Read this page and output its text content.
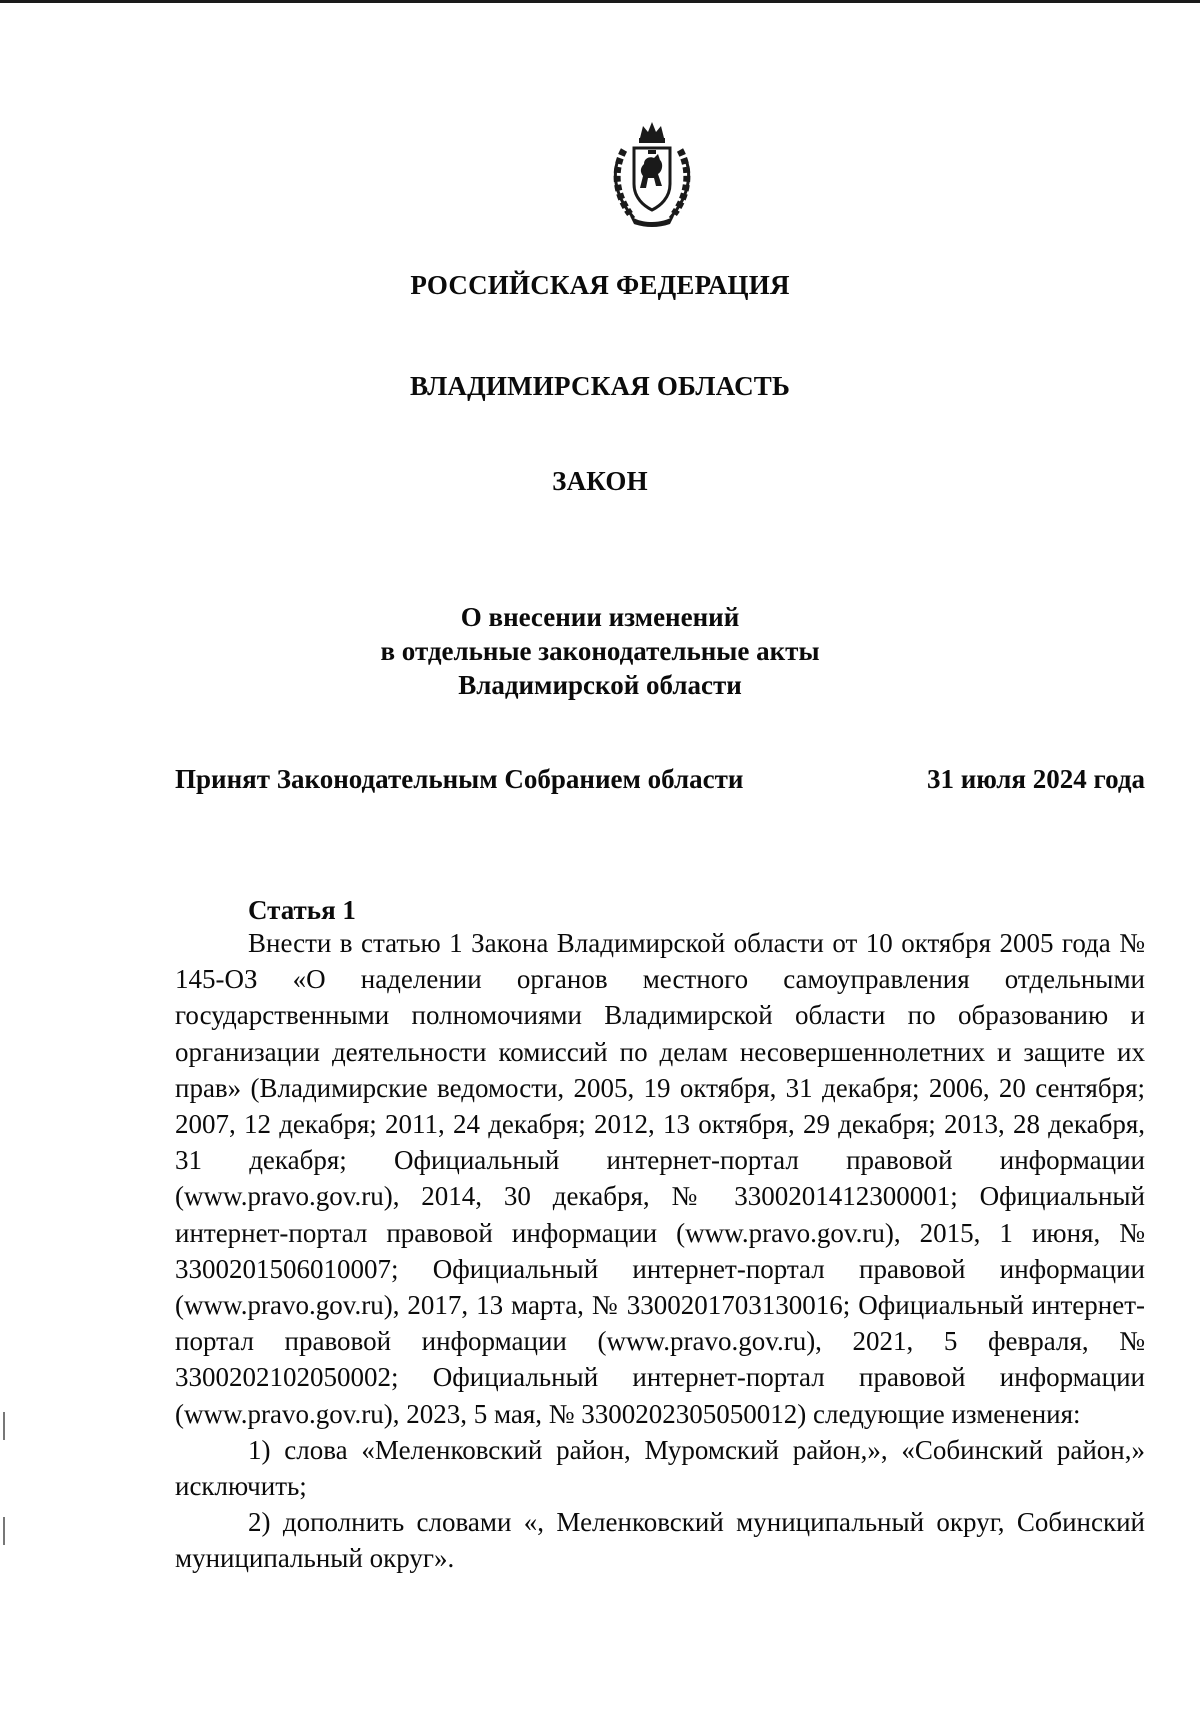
РОССИЙСКАЯ ФЕДЕРАЦИЯ
ВЛАДИМИРСКАЯ ОБЛАСТЬ
ЗАКОН
О внесении изменений
в отдельные законодательные акты
Владимирской области
Принят Законодательным Собранием области	31 июля 2024 года
Статья 1

Внести в статью 1 Закона Владимирской области от 10 октября 2005 года № 145-ОЗ «О наделении органов местного самоуправления отдельными государственными полномочиями Владимирской области по образованию и организации деятельности комиссий по делам несовершеннолетних и защите их прав» (Владимирские ведомости, 2005, 19 октября, 31 декабря; 2006, 20 сентября; 2007, 12 декабря; 2011, 24 декабря; 2012, 13 октября, 29 декабря; 2013, 28 декабря, 31 декабря; Официальный интернет-портал правовой информации (www.pravo.gov.ru), 2014, 30 декабря, № 3300201412300001; Официальный интернет-портал правовой информации (www.pravo.gov.ru), 2015, 1 июня, № 3300201506010007; Официальный интернет-портал правовой информации (www.pravo.gov.ru), 2017, 13 марта, № 3300201703130016; Официальный интернет-портал правовой информации (www.pravo.gov.ru), 2021, 5 февраля, № 3300202102050002; Официальный интернет-портал правовой информации (www.pravo.gov.ru), 2023, 5 мая, № 3300202305050012) следующие изменения:

1) слова «Меленковский район, Муромский район,», «Собинский район,» исключить;

2) дополнить словами «, Меленковский муниципальный округ, Собинский муниципальный округ».
